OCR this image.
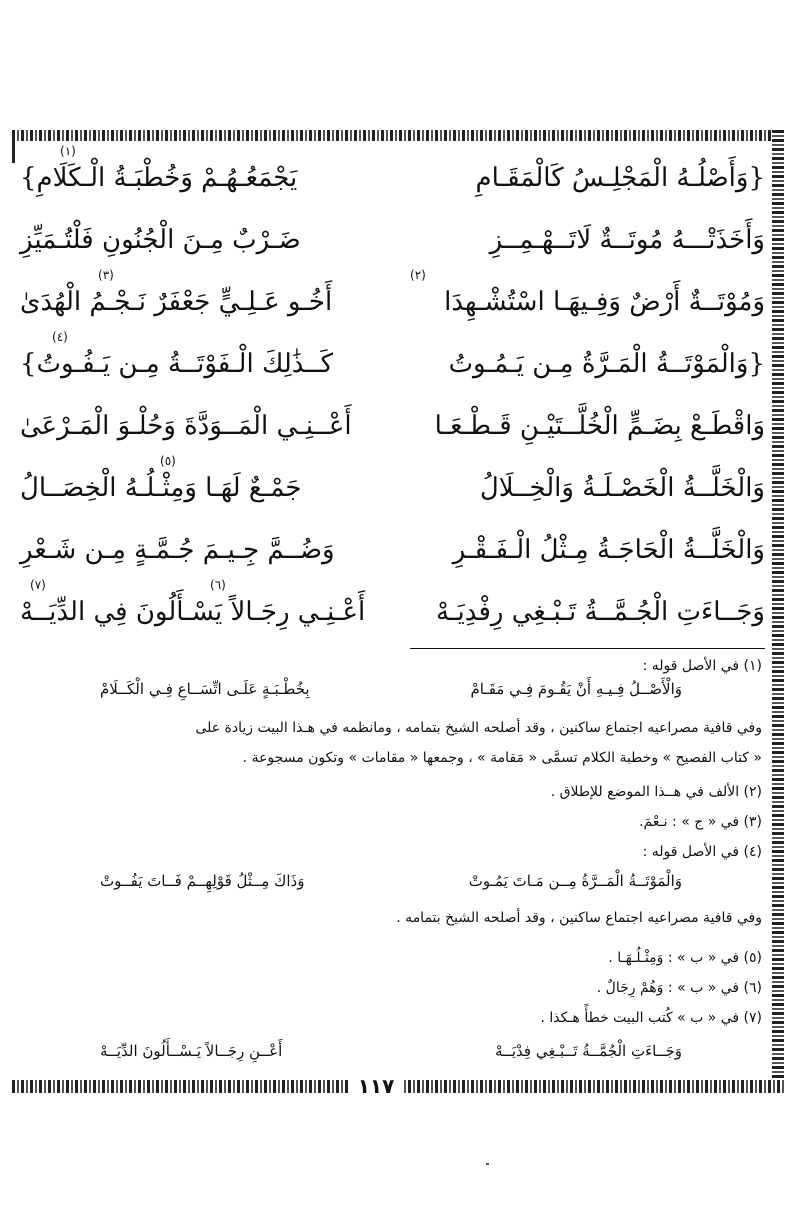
١١٧
{وَأَصْلُـهُ الْمَجْلِـسُ كَالْمَقَـامِ
يَجْمَعُـهُـمْ وَخُطْبَـةُ الْـكَلَامِ}
(١)
وَأَخَذَتْـــهُ مُوتَــةٌ لَاتَــهْـمِــزِ
ضَـرْبٌ مِـنَ الْجُنُونِ فَلْتُـمَيِّزِ
وَمُوْتَــةٌ أَرْضٌ وَفِـيهَـا اسْتُشْـهِدَا
أَخُـو عَـلِـيٍّ جَعْفَرٌ نَـجْـمُ الْهُدَىٰ
(٣)	(٢)
{وَالْمَوْتَــةُ الْمَـرَّةُ مِـن يَـمُـوتُ
كَــذَٰلِكَ الْـفَوْتَــةُ مِـن يَـفُـوتُ}
(٤)
وَاقْطَـعْ بِضَـمٍّ الْخُلَّــتَيْـنِ قَـطْـعَـا
أَعْــنِـي الْمَــوَدَّةَ وَحُلْـوَ الْمَـرْعَىٰ
وَالْخَلَّــةُ الْخَصْـلَـةُ وَالْخِــلَالُ
جَمْـعٌ لَهَـا وَمِثْـلُـهُ الْخِصَــالُ
(٥)
وَالْخَلَّــةُ الْحَاجَـةُ مِـثْلُ الْـفَـقْـرِ
وَضُــمَّ جِـيـمَ جُـمَّـةٍ مِـن شَـعْرِ
وَجَــاءَتِ الْجُـمَّــةُ تَـبْـغِي رِفْدِيَـهْ
أَعْـنِـي رِجَـالاً يَسْـأَلُونَ فِي الدِّيَــهْ
(٧)	(٦)
(١) في الأصل قوله :
وَالْأَصْــلُ فِـيـهِ أَنْ يَقُـومَ فِـي مَقَـامْ
بِخُطْـبَـةٍ عَلَـى اتِّسَــاعِ فِـي الْكَــلَامْ
وفي قافية مصراعيه اجتماع ساكنين ، وقد أصلحه الشيخ بتمامه ، ومانظمه في هـذا البيت زيادة على
« كتاب الفصيح » وخطبة الكلام تسمَّى « مَقامة » ، وجمعها « مقامات » وتكون مسجوعة .
(٢) الألف في هــذا الموضع للإطلاق .
(٣) في « ج » : نـعْمَ.
(٤) في الأصل قوله :
وَالْمَوْتَــةُ الْمَــرَّةُ مِــن مَـاتَ يَمُـوتْ
وَذَاكَ مِــثْلُ قَوْلِهِــمْ فَــاتَ يَفُــوتْ
وفي قافية مصراعيه اجتماع ساكنين ، وقد أصلحه الشيخ بتمامه .
(٥) في « ب » : وَمِثْـلُـهَـا .
(٦) في « ب » : وَهُمْ رِجَالٌ .
(٧) في « ب » كُتب البيت خطأً هـكذا .
وَجَــاءَتِ الْجُمَّــةُ تَــبْـغِي فِدْيَــهْ
أَعْــنِ رِجَــالاً يَـسْــأَلُونَ الدِّيَــهْ
